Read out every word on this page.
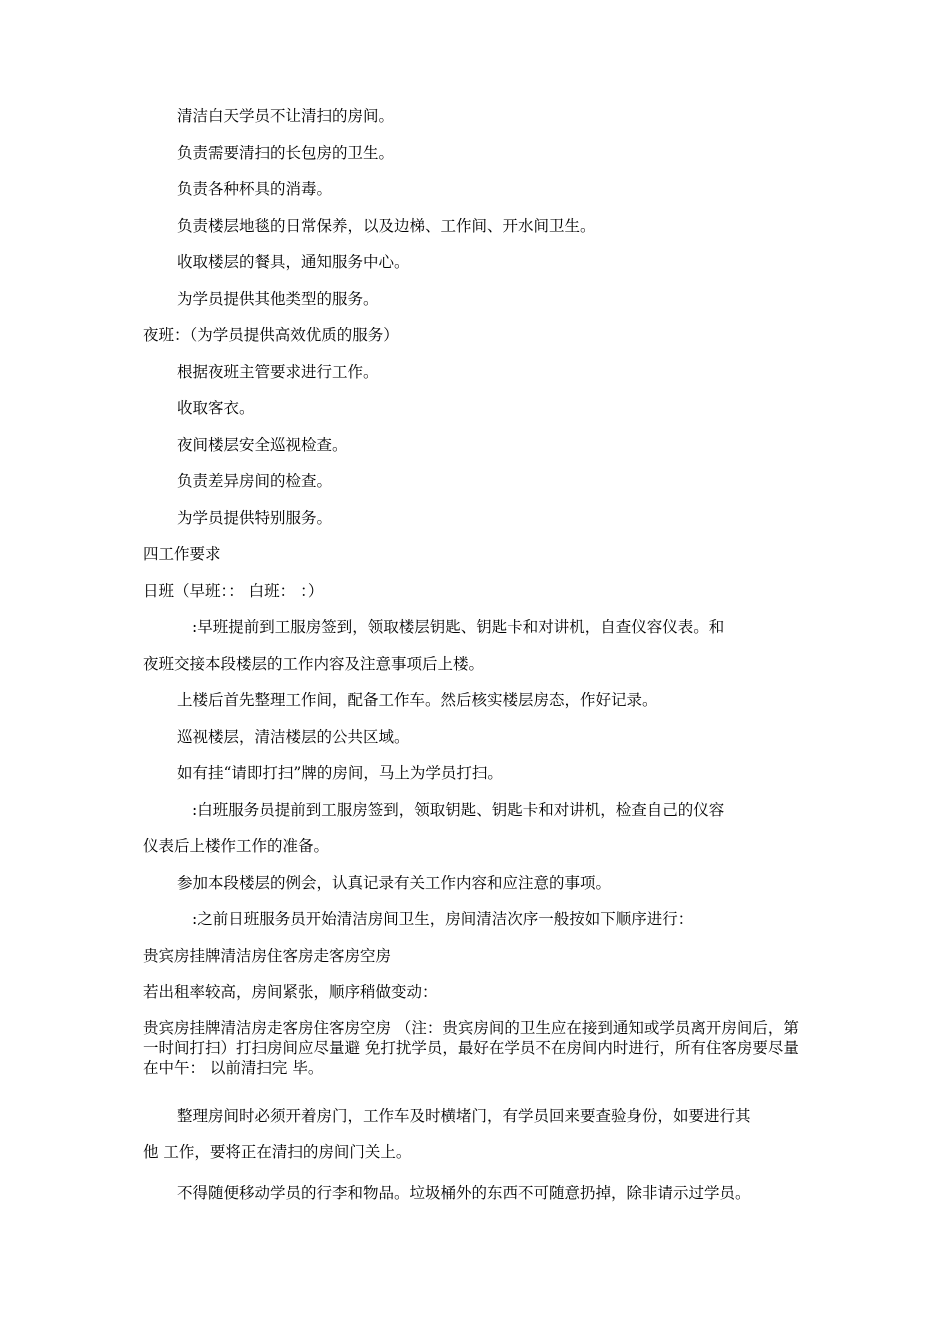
清洁白天学员不让清扫的房间。
负责需要清扫的长包房的卫生。
负责各种杯具的消毒。
负责楼层地毯的日常保养，以及边梯、工作间、开水间卫生。
收取楼层的餐具，通知服务中心。
为学员提供其他类型的服务。
夜班：（为学员提供高效优质的服务）
根据夜班主管要求进行工作。
收取客衣。
夜间楼层安全巡视检查。
负责差异房间的检查。
为学员提供特别服务。
四工作要求
日班（早班：： 白班： ：）
:早班提前到工服房签到，领取楼层钥匙、钥匙卡和对讲机，自查仪容仪表。和
夜班交接本段楼层的工作内容及注意事项后上楼。
上楼后首先整理工作间，配备工作车。然后核实楼层房态，作好记录。
巡视楼层，清洁楼层的公共区域。
如有挂“请即打扫”牌的房间，马上为学员打扫。
:白班服务员提前到工服房签到，领取钥匙、钥匙卡和对讲机，检查自己的仪容
仪表后上楼作工作的准备。
参加本段楼层的例会，认真记录有关工作内容和应注意的事项。
:之前日班服务员开始清洁房间卫生，房间清洁次序一般按如下顺序进行：
贵宾房挂牌清洁房住客房走客房空房
若出租率较高，房间紧张，顺序稍做变动：
贵宾房挂牌清洁房走客房住客房空房 （注：贵宾房间的卫生应在接到通知或学员离开房间后，第一时间打扫）打扫房间应尽量避 免打扰学员，最好在学员不在房间内时进行，所有住客房要尽量在中午： 以前清扫完 毕。
整理房间时必须开着房门，工作车及时横堵门，有学员回来要查验身份，如要进行其
他 工作，要将正在清扫的房间门关上。
不得随便移动学员的行李和物品。垃圾桶外的东西不可随意扔掉，除非请示过学员。
